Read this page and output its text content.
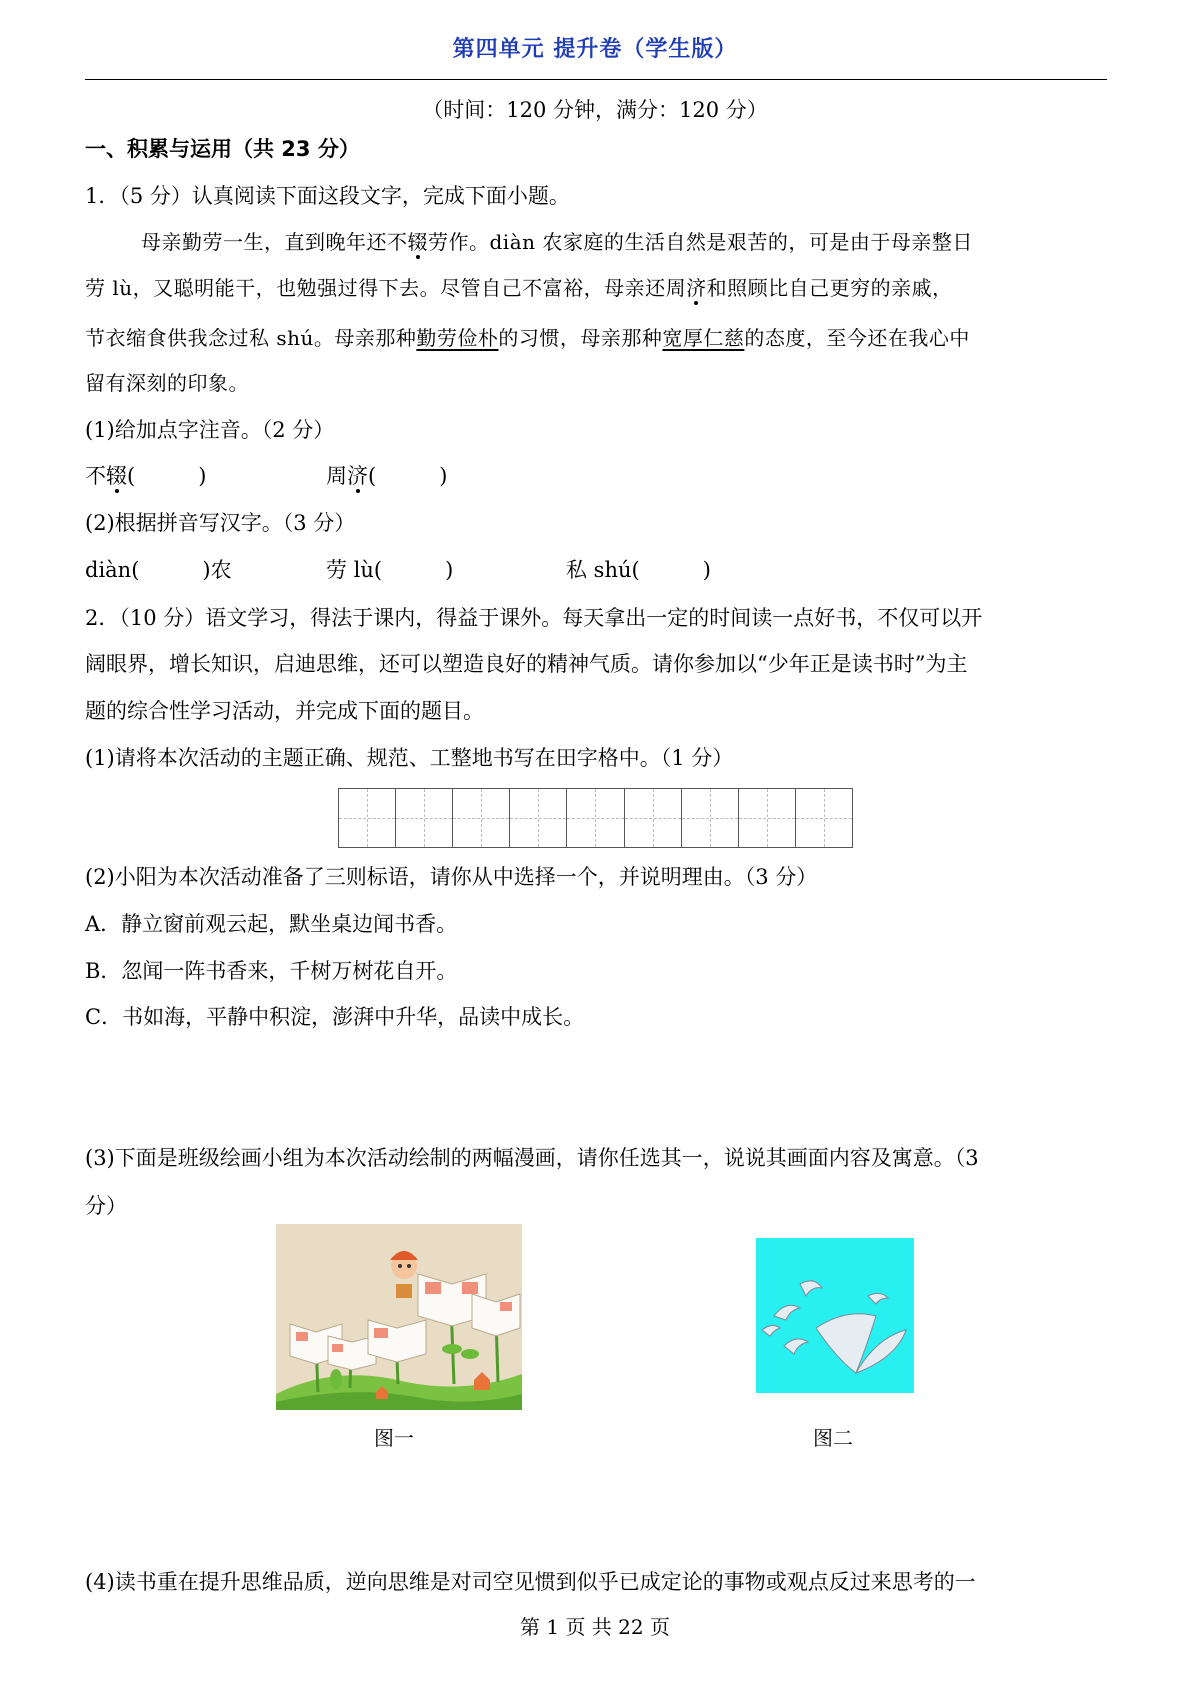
第四单元 提升卷（学生版）
（时间：120 分钟，满分：120 分）
一、积累与运用（共 23 分）
1．（5 分）认真阅读下面这段文字，完成下面小题。
母亲勤劳一生，直到晚年还不辍劳作。diàn 农家庭的生活自然是艰苦的，可是由于母亲整日
劳 lù，又聪明能干，也勉强过得下去。尽管自己不富裕，母亲还周济和照顾比自己更穷的亲戚，
节衣缩食供我念过私 shú。母亲那种勤劳俭朴的习惯，母亲那种宽厚仁慈的态度，至今还在我心中
留有深刻的印象。
(1)给加点字注音。（2 分）
不辍(　　　)	周济(　　　)
(2)根据拼音写汉字。（3 分）
diàn(　　　)农	劳 lù(　　　)	私 shú(　　　)
2．（10 分）语文学习，得法于课内，得益于课外。每天拿出一定的时间读一点好书，不仅可以开
阔眼界，增长知识，启迪思维，还可以塑造良好的精神气质。请你参加以“少年正是读书时”为主
题的综合性学习活动，并完成下面的题目。
(1)请将本次活动的主题正确、规范、工整地书写在田字格中。（1 分）
(2)小阳为本次活动准备了三则标语，请你从中选择一个，并说明理由。（3 分）
A．静立窗前观云起，默坐桌边闻书香。
B．忽闻一阵书香来，千树万树花自开。
C．书如海，平静中积淀，澎湃中升华，品读中成长。
(3)下面是班级绘画小组为本次活动绘制的两幅漫画，请你任选其一，说说其画面内容及寓意。（3
分）
图一	图二
(4)读书重在提升思维品质，逆向思维是对司空见惯到似乎已成定论的事物或观点反过来思考的一
第 1 页 共 22 页
